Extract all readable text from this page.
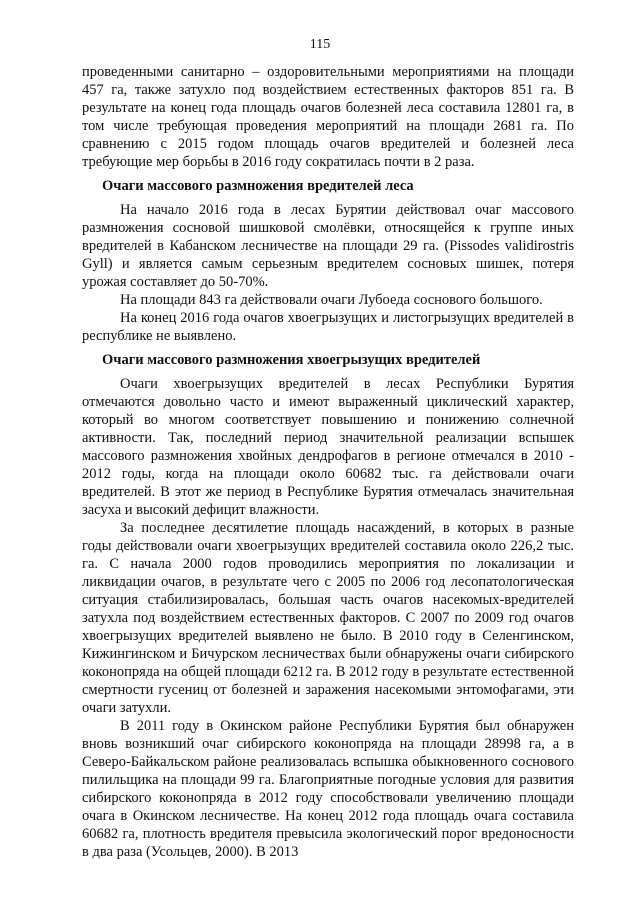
115

проведенными санитарно – оздоровительными мероприятиями на площади 457 га, также затухло под воздействием естественных факторов 851 га. В результате на конец года площадь очагов болезней леса составила 12801 га, в том числе требующая проведения мероприятий на площади 2681 га. По сравнению с 2015 годом площадь очагов вредителей и болезней леса требующие мер борьбы в 2016 году сократилась почти в 2 раза.

Очаги массового размножения вредителей леса

На начало 2016 года в лесах Бурятии действовал очаг массового размножения сосновой шишковой смолёвки, относящейся к группе иных вредителей в Кабанском лесничестве на площади 29 га. (Pissodes validirostris Gyll) и является самым серьезным вредителем сосновых шишек, потеря урожая составляет до 50-70%.

На площади 843 га действовали очаги Лубоеда соснового большого.

На конец 2016 года очагов хвоегрызущих и листогрызущих вредителей в республике не выявлено.

Очаги массового размножения хвоегрызущих вредителей

Очаги хвоегрызущих вредителей в лесах Республики Бурятия отмечаются довольно часто и имеют выраженный циклический характер, который во многом соответствует повышению и понижению солнечной активности. Так, последний период значительной реализации вспышек массового размножения хвойных дендрофагов в регионе отмечался в 2010 - 2012 годы, когда на площади около 60682 тыс. га действовали очаги вредителей. В этот же период в Республике Бурятия отмечалась значительная засуха и высокий дефицит влажности.

За последнее десятилетие площадь насаждений, в которых в разные годы действовали очаги хвоегрызущих вредителей составила около 226,2 тыс. га. С начала 2000 годов проводились мероприятия по локализации и ликвидации очагов, в результате чего с 2005 по 2006 год лесопатологическая ситуация стабилизировалась, большая часть очагов насекомых-вредителей затухла под воздействием естественных факторов. С 2007 по 2009 год очагов хвоегрызущих вредителей выявлено не было. В 2010 году в Селенгинском, Кижингинском и Бичурском лесничествах были обнаружены очаги сибирского коконопряда на общей площади 6212 га. В 2012 году в результате естественной смертности гусениц от болезней и заражения насекомыми энтомофагами, эти очаги затухли.

В 2011 году в Окинском районе Республики Бурятия был обнаружен вновь возникший очаг сибирского коконопряда на площади 28998 га, а в Северо-Байкальском районе реализовалась вспышка обыкновенного соснового пилильщика на площади 99 га. Благоприятные погодные условия для развития сибирского коконопряда в 2012 году способствовали увеличению площади очага в Окинском лесничестве. На конец 2012 года площадь очага составила 60682 га, плотность вредителя превысила экологический порог вредоносности в два раза (Усольцев, 2000). В 2013
